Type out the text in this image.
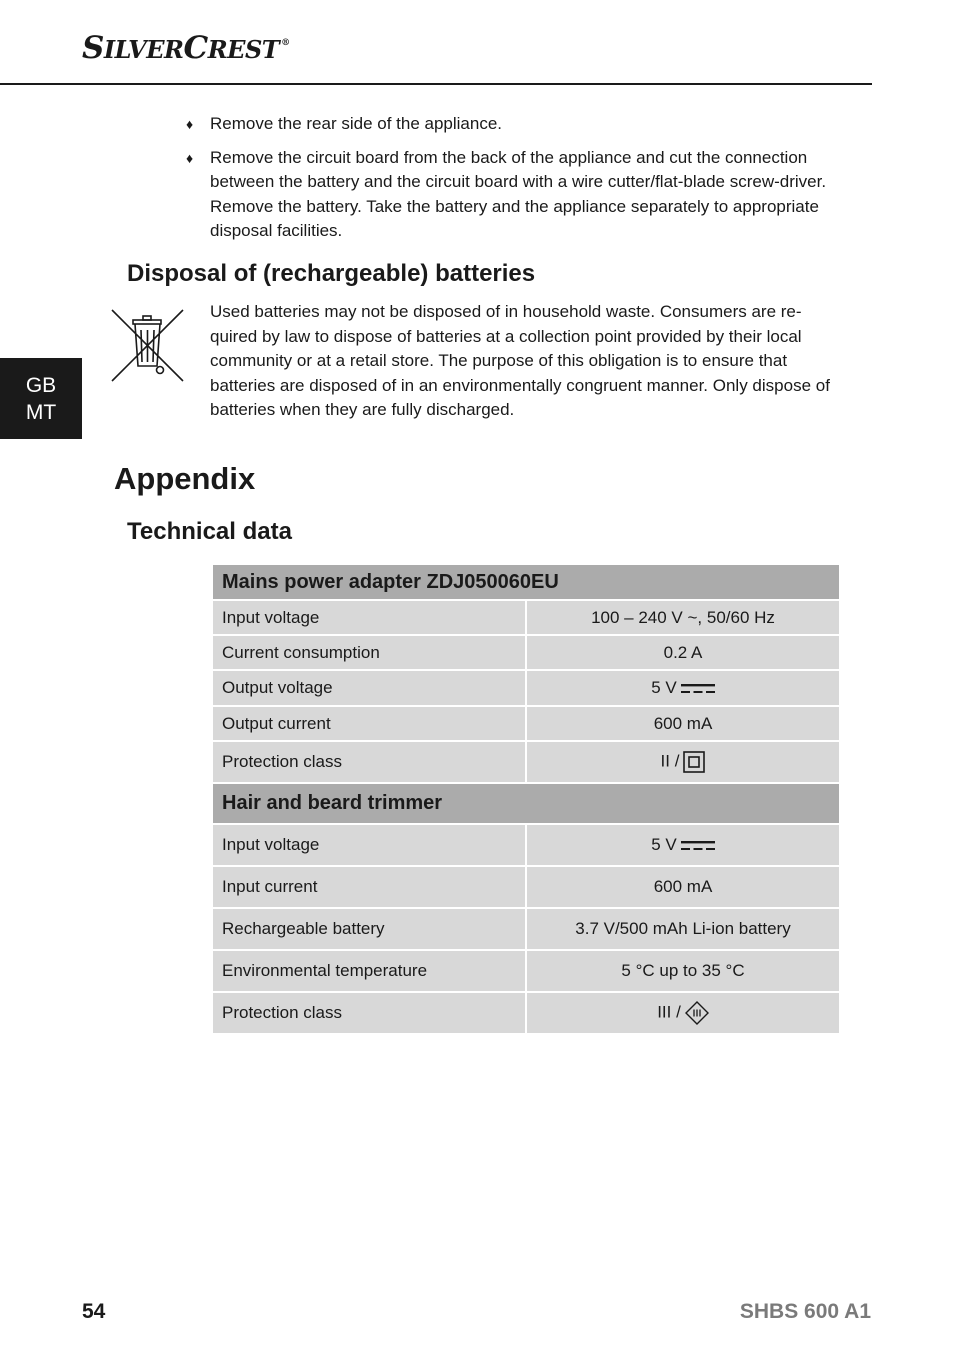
SILVERCREST ®
GB
MT
♦ Remove the rear side of the appliance.
♦ Remove the circuit board from the back of the appliance and cut the connection between the battery and the circuit board with a wire cutter/flat-blade screw-driver. Remove the battery. Take the battery and the appliance separately to appropriate disposal facilities.
Disposal of (rechargeable) batteries
Used batteries may not be disposed of in household waste. Consumers are re-quired by law to dispose of batteries at a collection point provided by their local community or at a retail store. The purpose of this obligation is to ensure that batteries are disposed of in an environmentally congruent manner. Only dispose of batteries when they are fully discharged.
Appendix
Technical data
Mains power adapter ZDJ050060EU	
Input voltage	100 – 240 V ~, 50/60 Hz
Current consumption	0.2 A
Output voltage	5 V
Output current	600 mA
Protection class	II /
Hair and beard trimmer	
Input voltage	5 V
Input current	600 mA
Rechargeable battery	3.7 V/500 mAh Li-ion battery
Environmental temperature	5 °C up to 35 °C
Protection class	III /
54	SHBS 600 A1
